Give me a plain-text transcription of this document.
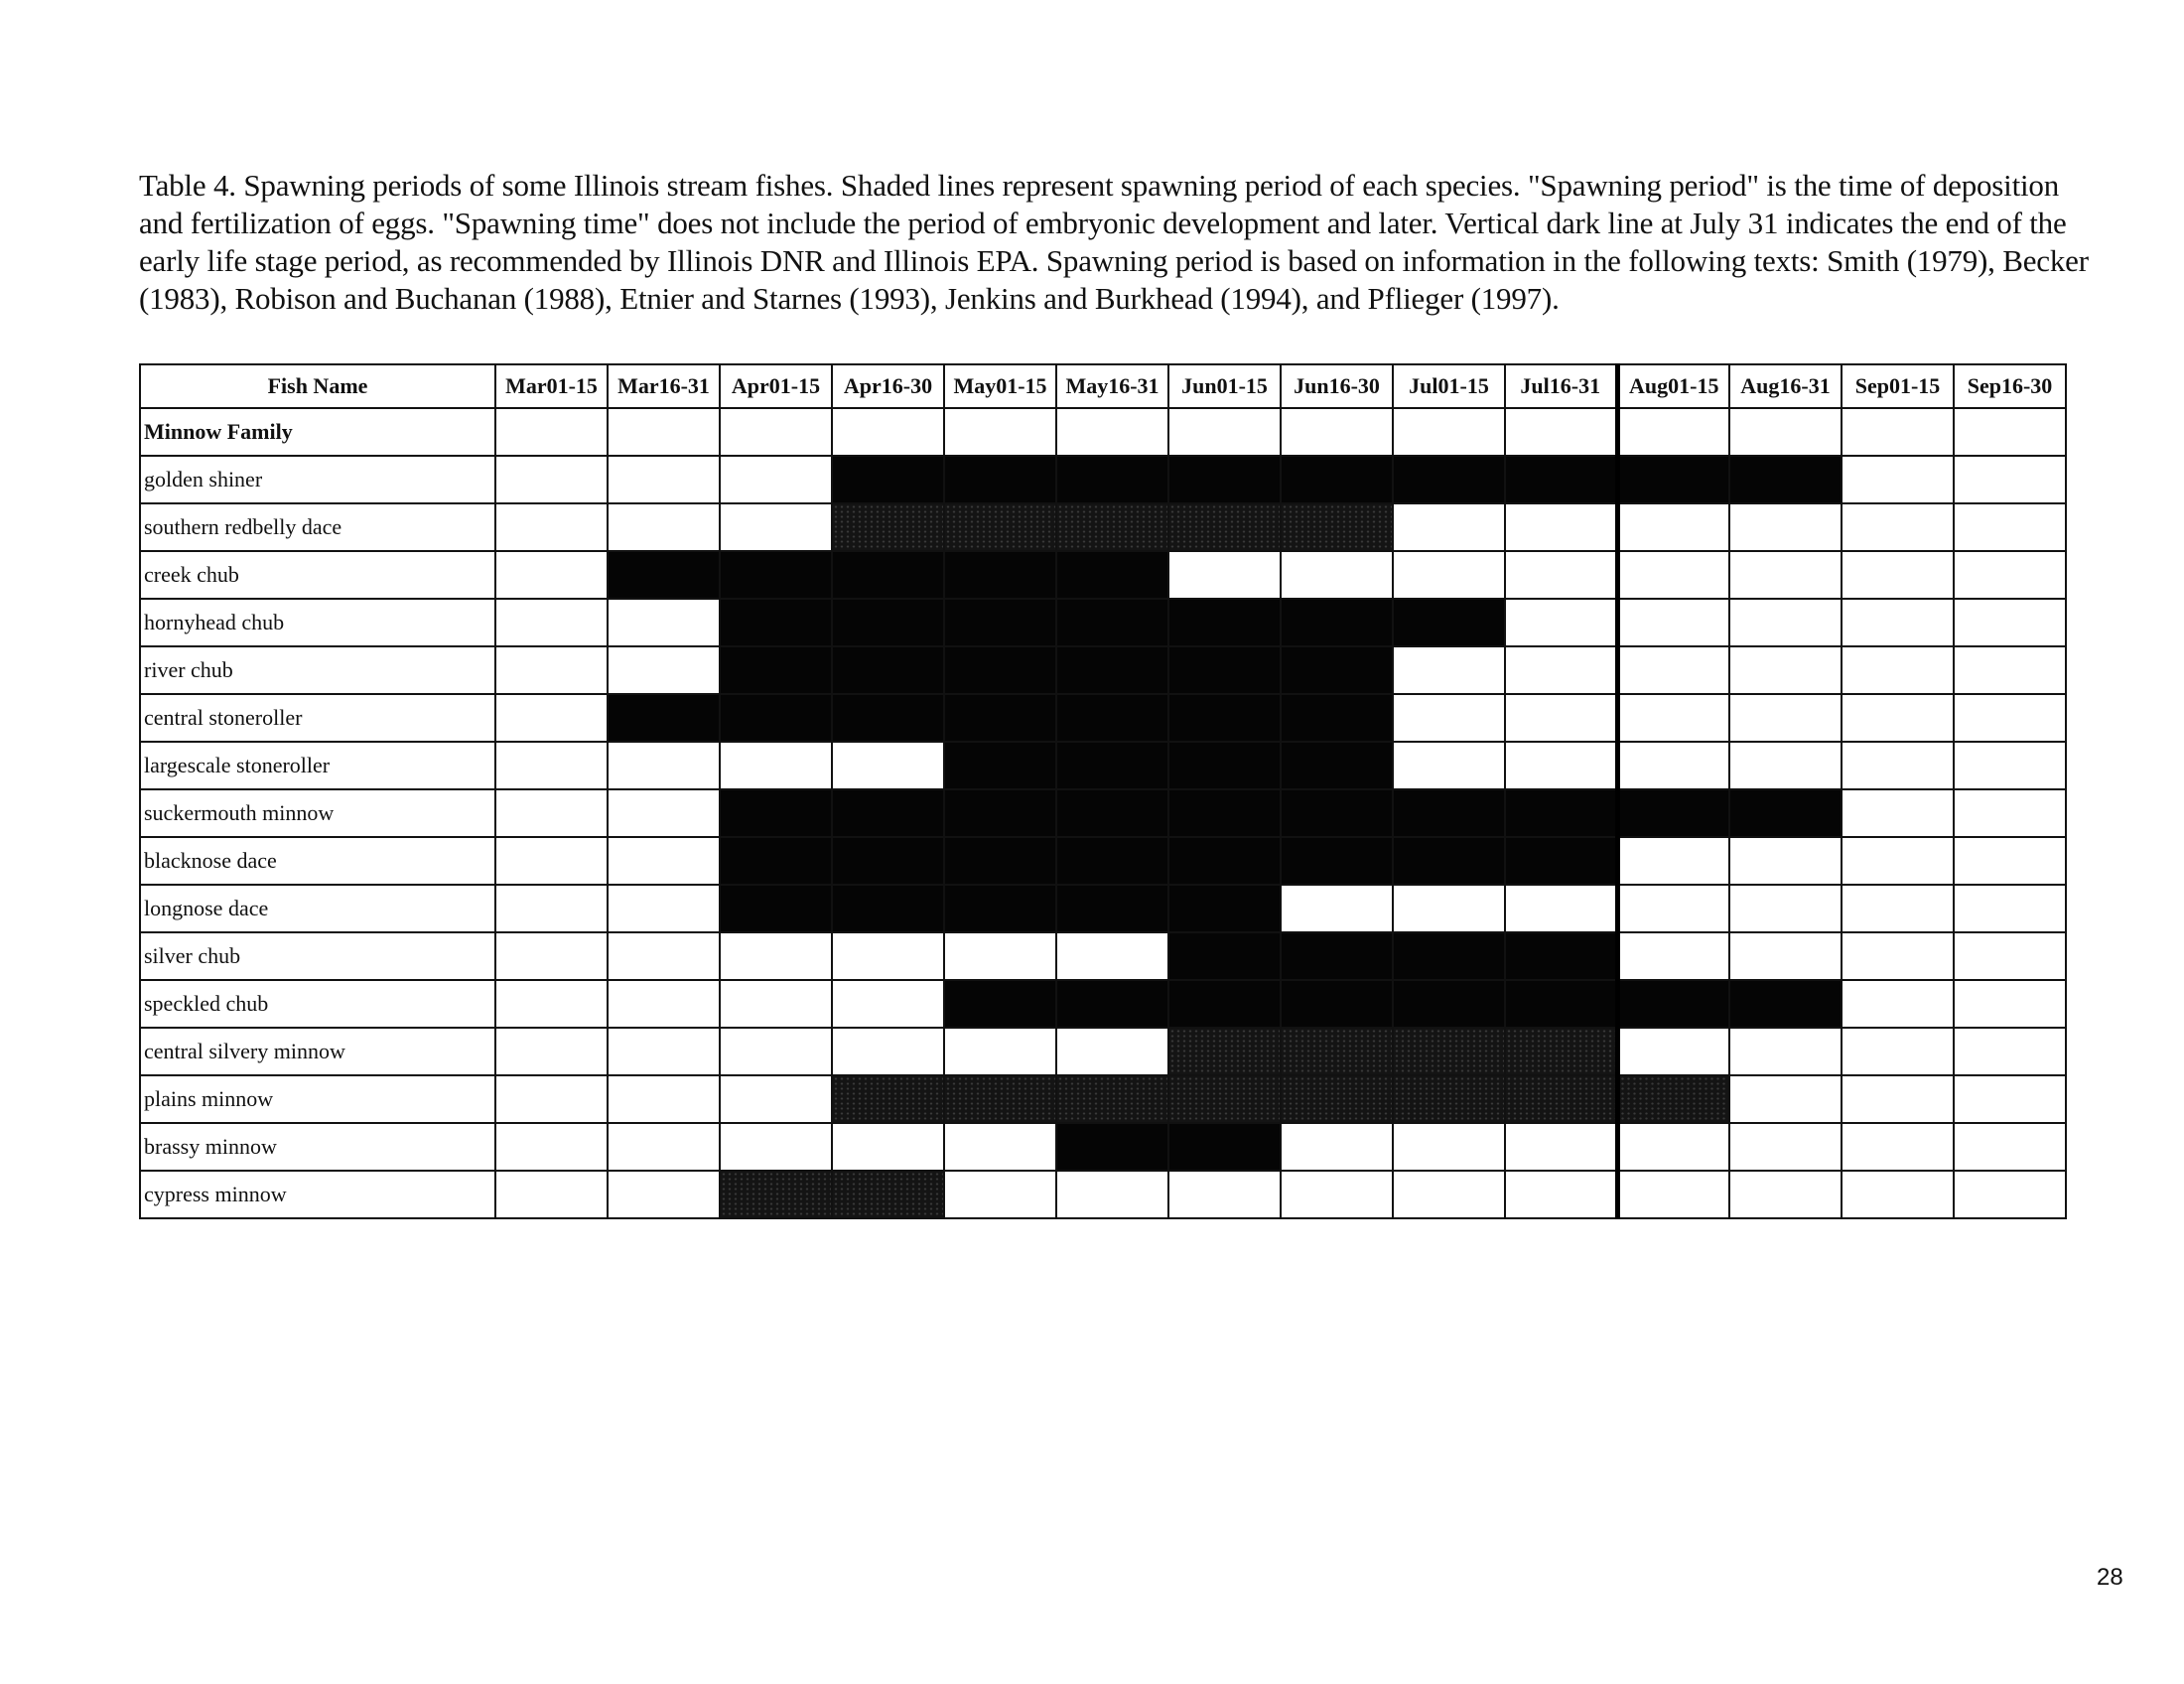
Table 4. Spawning periods of some Illinois stream fishes. Shaded lines represent spawning period of each species. "Spawning period" is the time of deposition and fertilization of eggs. "Spawning time" does not include the period of embryonic development and later. Vertical dark line at July 31 indicates the end of the early life stage period, as recommended by Illinois DNR and Illinois EPA. Spawning period is based on information in the following texts: Smith (1979), Becker (1983), Robison and Buchanan (1988), Etnier and Starnes (1993), Jenkins and Burkhead (1994), and Pflieger (1997).
Fish Name	Mar01-15	Mar16-31	Apr01-15	Apr16-30	May01-15	May16-31	Jun01-15	Jun16-30	Jul01-15	Jul16-31	Aug01-15	Aug16-31	Sep01-15	Sep16-30
Minnow Family														
golden shiner														
southern redbelly dace														
creek chub														
hornyhead chub														
river chub														
central stoneroller														
largescale stoneroller														
suckermouth minnow														
blacknose dace														
longnose dace														
silver chub														
speckled chub														
central silvery minnow														
plains minnow														
brassy minnow														
cypress minnow														
28
